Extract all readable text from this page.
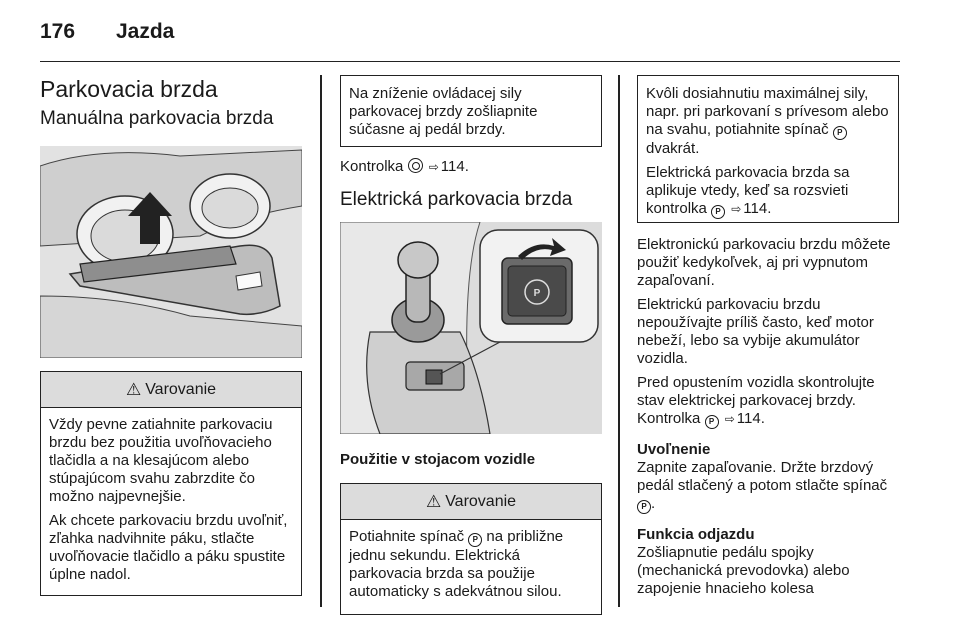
176 Jazda
Parkovacia brzda
Manuálna parkovacia brzda
⚠ Varovanie

Vždy pevne zatiahnite parkovaciu brzdu bez použitia uvoľňovacieho tlačidla a na klesajúcom alebo stúpajúcom svahu zabrzdite čo možno najpevnejšie.

Ak chcete parkovaciu brzdu uvoľniť, zľahka nadvihnite páku, stlačte uvoľňovacie tlačidlo a páku spustite úplne nadol.

Na zníženie ovládacej sily parkovacej brzdy zošliapnite súčasne aj pedál brzdy.

Kontrolka ⇨ 114.

Elektrická parkovacia brzda
P
Použitie v stojacom vozidle
⚠ Varovanie

Potiahnite spínač P na približne jednu sekundu. Elektrická parkovacia brzda sa použije automaticky s adekvátnou silou.

Kvôli dosiahnutiu maximálnej sily, napr. pri parkovaní s prívesom alebo na svahu, potiahnite spínač P dvakrát.

Elektrická parkovacia brzda sa aplikuje vtedy, keď sa rozsvieti kontrolka P ⇨ 114.

Elektronickú parkovaciu brzdu môžete použiť kedykoľvek, aj pri vypnutom zapaľovaní.

Elektrickú parkovaciu brzdu nepoužívajte príliš často, keď motor nebeží, lebo sa vybije akumulátor vozidla.

Pred opustením vozidla skontrolujte stav elektrickej parkovacej brzdy. Kontrolka P ⇨ 114.

Uvoľnenie

Zapnite zapaľovanie. Držte brzdový pedál stlačený a potom stlačte spínač P .

Funkcia odjazdu

Zošliapnutie pedálu spojky (mechanická prevodovka) alebo zapojenie hnacieho kolesa
